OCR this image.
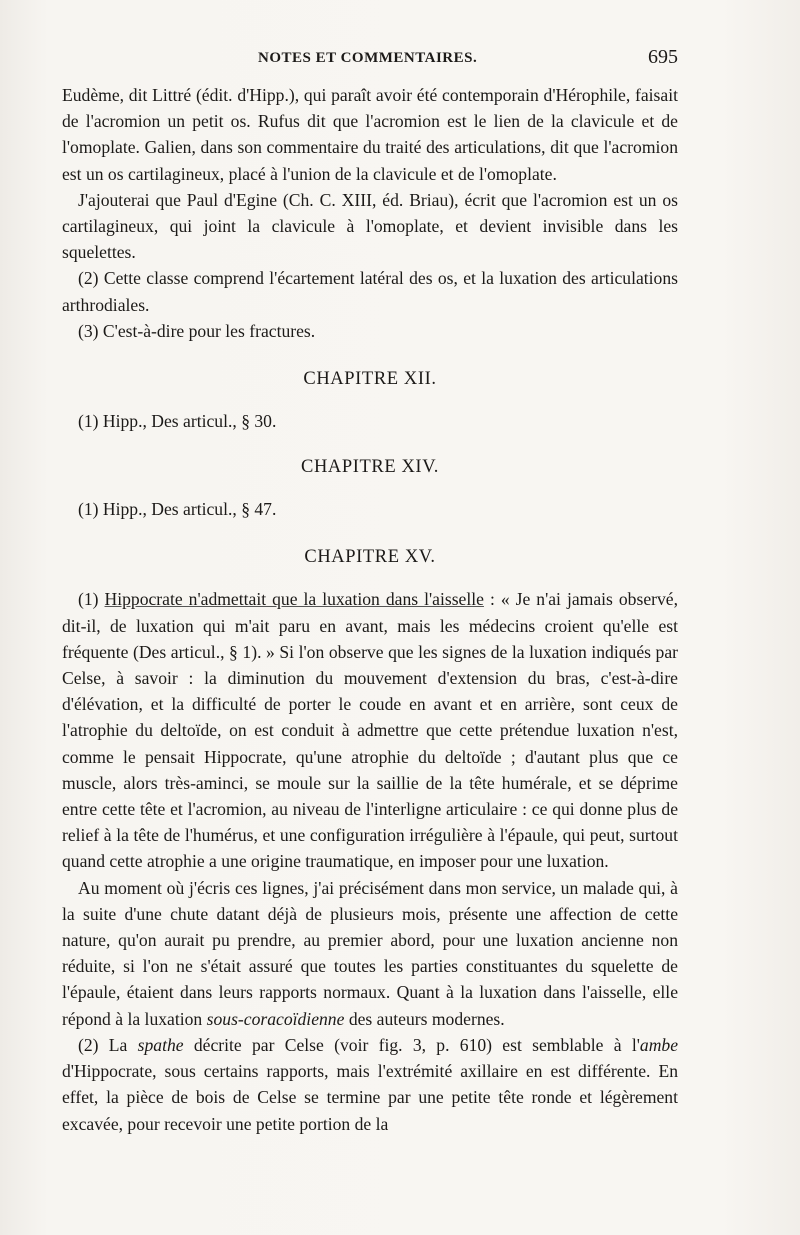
NOTES ET COMMENTAIRES.	695

Eudème, dit Littré (édit. d'Hipp.), qui paraît avoir été contemporain d'Hérophile, faisait de l'acromion un petit os. Rufus dit que l'acromion est le lien de la clavicule et de l'omoplate. Galien, dans son commentaire du traité des articulations, dit que l'acromion est un os cartilagineux, placé à l'union de la clavicule et de l'omoplate.

J'ajouterai que Paul d'Egine (Ch. C. XIII, éd. Briau), écrit que l'acromion est un os cartilagineux, qui joint la clavicule à l'omoplate, et devient invisible dans les squelettes.

(2) Cette classe comprend l'écartement latéral des os, et la luxation des articulations arthrodiales.

(3) C'est-à-dire pour les fractures.

CHAPITRE XII.

(1) Hipp., Des articul., § 30.

CHAPITRE XIV.

(1) Hipp., Des articul., § 47.

CHAPITRE XV.

(1) Hippocrate n'admettait que la luxation dans l'aisselle : « Je n'ai jamais observé, dit-il, de luxation qui m'ait paru en avant, mais les médecins croient qu'elle est fréquente (Des articul., § 1). » Si l'on observe que les signes de la luxation indiqués par Celse, à savoir : la diminution du mouvement d'extension du bras, c'est-à-dire d'élévation, et la difficulté de porter le coude en avant et en arrière, sont ceux de l'atrophie du deltoïde, on est conduit à admettre que cette prétendue luxation n'est, comme le pensait Hippocrate, qu'une atrophie du deltoïde ; d'autant plus que ce muscle, alors très-aminci, se moule sur la saillie de la tête humérale, et se déprime entre cette tête et l'acromion, au niveau de l'interligne articulaire : ce qui donne plus de relief à la tête de l'humérus, et une configuration irrégulière à l'épaule, qui peut, surtout quand cette atrophie a une origine traumatique, en imposer pour une luxation.

Au moment où j'écris ces lignes, j'ai précisément dans mon service, un malade qui, à la suite d'une chute datant déjà de plusieurs mois, présente une affection de cette nature, qu'on aurait pu prendre, au premier abord, pour une luxation ancienne non réduite, si l'on ne s'était assuré que toutes les parties constituantes du squelette de l'épaule, étaient dans leurs rapports normaux. Quant à la luxation dans l'aisselle, elle répond à la luxation sous-coracoïdienne des auteurs modernes.

(2) La spathe décrite par Celse (voir fig. 3, p. 610) est semblable à l'ambe d'Hippocrate, sous certains rapports, mais l'extrémité axillaire en est différente. En effet, la pièce de bois de Celse se termine par une petite tête ronde et légèrement excavée, pour recevoir une petite portion de la
